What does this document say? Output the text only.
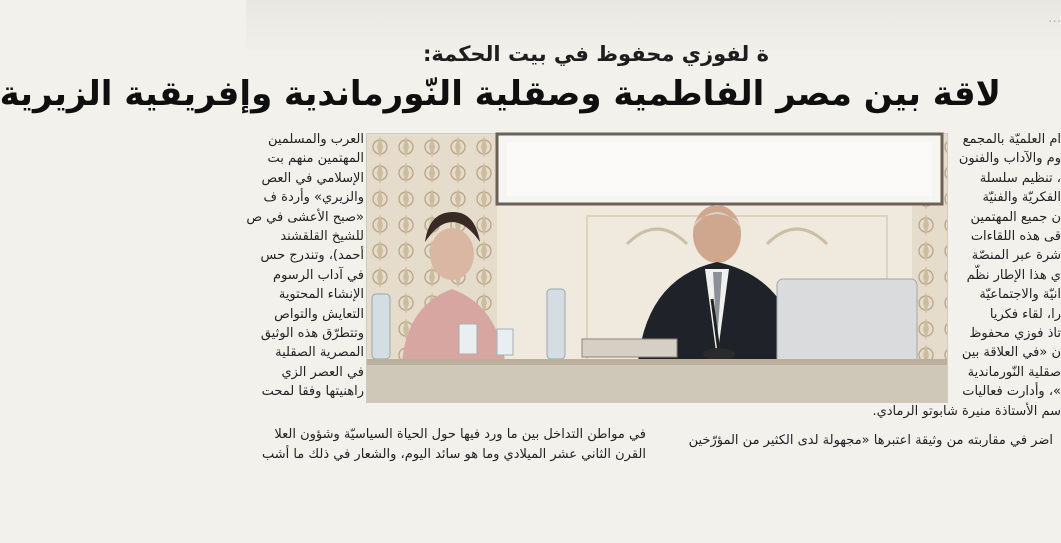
…
ة لفوزي محفوظ في بيت الحكمة:
لاقة بين مصر الفاطمية وصقلية النّورماندية وإفريقية الزيرية
العرب والمسلمين
المهتمين منهم بت
الإسلامي في العص
والزيري» وأردة ف
«صبح الأعشى في ص
للشيخ القلقشند
أحمد)، وتندرج حس
في آداب الرسوم
الإنشاء المحتوية
التعايش والتواص
وتتطرّق هذه الوثيق
المصرية الصقلية
في العصر الزي
راهنيتها وفقا لمحت
ام العلميّة بالمجمع
وم والآداب والفنون
، تنظيم سلسلة
الفكريّة والفنيّة
ن جميع المهتمين
قى هذه اللقاءات
شرة عبر المنصّة
ي هذا الإطار نظّم
انيّة والاجتماعيّة
را، لقاء فكريا
تاذ فوزي محفوظ
ن «في العلاقة بين
صقلية النّورماندية
»، وأدارت فعاليات
سم الأستاذة منيرة شابوتو الرمادي.
اضر في مقاربته من وثيقة اعتبرها «مجهولة لدى الكثير من المؤرّخين
في مواطن التداخل بين ما ورد فيها حول الحياة السياسيّة وشؤون العلا
القرن الثاني عشر الميلادي وما هو سائد اليوم، والشعار في ذلك ما أشب
